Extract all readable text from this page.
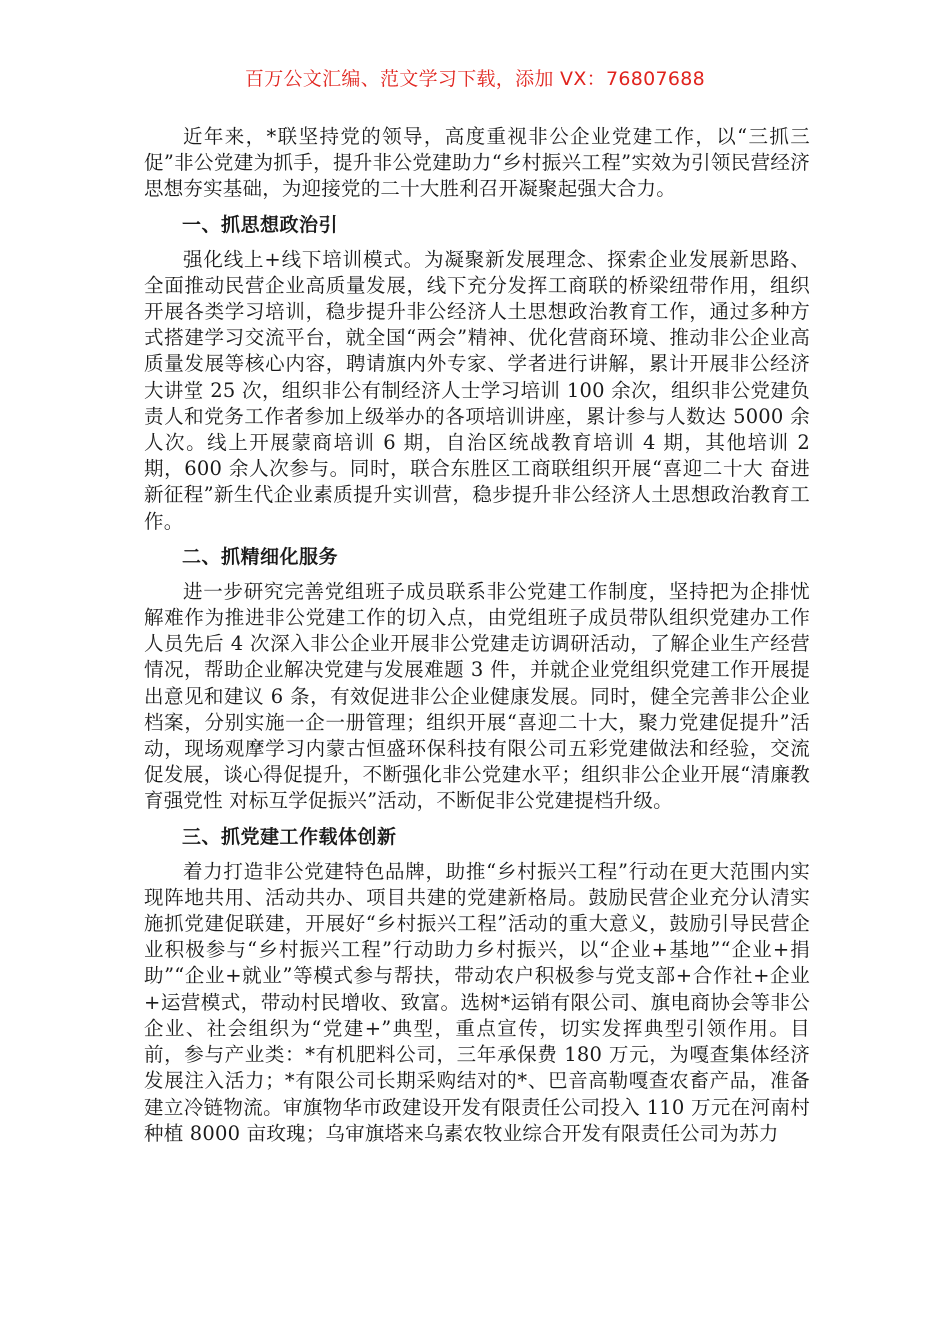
百万公文汇编、范文学习下载，添加 VX：76807688

近年来，*联坚持党的领导，高度重视非公企业党建工作，以“三抓三促”非公党建为抓手，提升非公党建助力“乡村振兴工程”实效为引领民营经济思想夯实基础，为迎接党的二十大胜利召开凝聚起强大合力。

一、抓思想政治引

强化线上+线下培训模式。为凝聚新发展理念、探索企业发展新思路、全面推动民营企业高质量发展，线下充分发挥工商联的桥梁纽带作用，组织开展各类学习培训，稳步提升非公经济人土思想政治教育工作，通过多种方式搭建学习交流平台，就全国“两会”精神、优化营商环境、推动非公企业高质量发展等核心内容，聘请旗内外专家、学者进行讲解，累计开展非公经济大讲堂 25 次，组织非公有制经济人士学习培训 100 余次，组织非公党建负责人和党务工作者参加上级举办的各项培训讲座，累计参与人数达 5000 余人次。线上开展蒙商培训 6 期，自治区统战教育培训 4 期，其他培训 2 期，600 余人次参与。同时，联合东胜区工商联组织开展“喜迎二十大 奋进新征程”新生代企业素质提升实训营，稳步提升非公经济人土思想政治教育工作。

二、抓精细化服务

进一步研究完善党组班子成员联系非公党建工作制度，坚持把为企排忧解难作为推进非公党建工作的切入点，由党组班子成员带队组织党建办工作人员先后 4 次深入非公企业开展非公党建走访调研活动，了解企业生产经营情况，帮助企业解决党建与发展难题 3 件，并就企业党组织党建工作开展提出意见和建议 6 条，有效促进非公企业健康发展。同时，健全完善非公企业档案，分别实施一企一册管理；组织开展“喜迎二十大，聚力党建促提升”活动，现场观摩学习内蒙古恒盛环保科技有限公司五彩党建做法和经验，交流促发展，谈心得促提升，不断强化非公党建水平；组织非公企业开展“清廉教育强党性 对标互学促振兴”活动，不断促非公党建提档升级。

三、抓党建工作载体创新

着力打造非公党建特色品牌，助推“乡村振兴工程”行动在更大范围内实现阵地共用、活动共办、项目共建的党建新格局。鼓励民营企业充分认清实施抓党建促联建，开展好“乡村振兴工程”活动的重大意义，鼓励引导民营企业积极参与“乡村振兴工程”行动助力乡村振兴，以“企业+基地”“企业+捐助”“企业+就业”等模式参与帮扶，带动农户积极参与党支部+合作社+企业+运营模式，带动村民增收、致富。选树*运销有限公司、旗电商协会等非公企业、社会组织为“党建+”典型，重点宣传，切实发挥典型引领作用。目前，参与产业类：*有机肥料公司，三年承保费 180 万元，为嘎查集体经济发展注入活力；*有限公司长期采购结对的*、巴音高勒嘎查农畜产品，准备建立冷链物流。审旗物华市政建设开发有限责任公司投入 110 万元在河南村种植 8000 亩玫瑰；乌审旗塔来乌素农牧业综合开发有限责任公司为苏力
